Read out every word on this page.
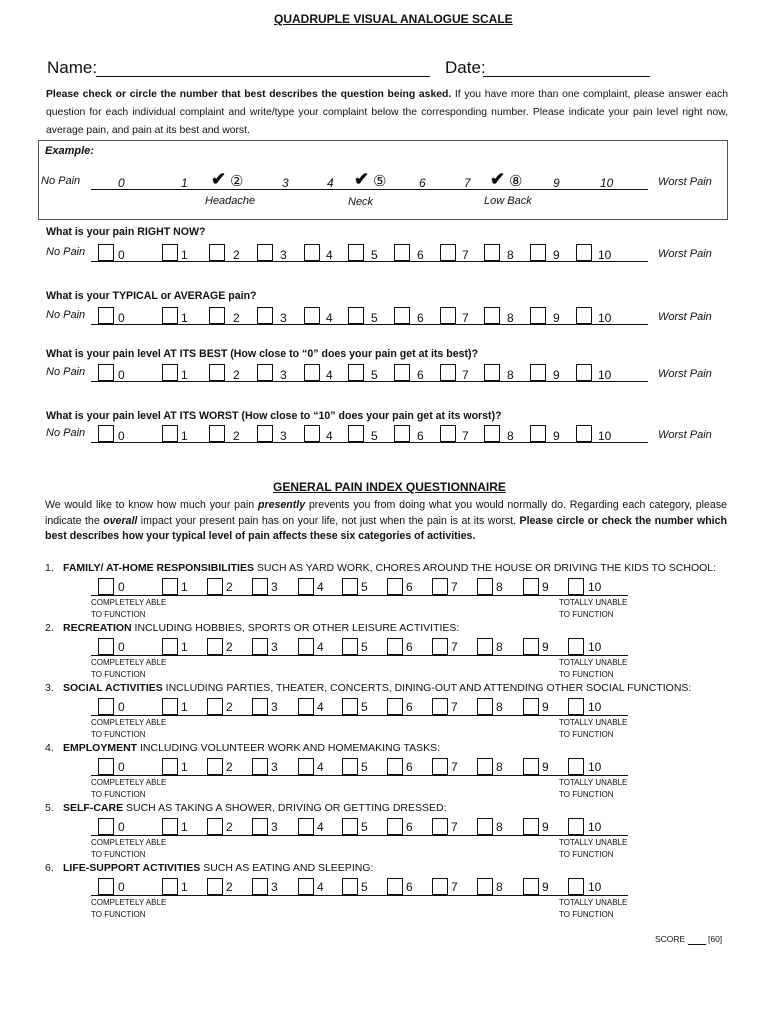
QUADRUPLE VISUAL ANALOGUE SCALE
Name:	Date:
Please check or circle the number that best describes the question being asked. If you have more than one complaint, please answer each question for each individual complaint and write/type your complaint below the corresponding number. Please indicate your pain level right now, average pain, and pain at its best and worst.
Example:
No Pain	Worst Pain
0	1 ✔ ②
Headache
3	4 ✔ ⑤
Neck
6	7 ✔ ⑧
Low Back
9	10
What is your pain RIGHT NOW?
No Pain	Worst Pain
0	1	2	3	4	5	6	7	8	9	10
What is your TYPICAL or AVERAGE pain?
No Pain	Worst Pain
0	1	2	3	4	5	6	7	8	9	10
What is your pain level AT ITS BEST (How close to “0” does your pain get at its best)?
No Pain	Worst Pain
0	1	2	3	4	5	6	7	8	9	10
What is your pain level AT ITS WORST (How close to “10” does your pain get at its worst)?
No Pain	Worst Pain
0	1	2	3	4	5	6	7	8	9	10
GENERAL PAIN INDEX QUESTIONNAIRE
We would like to know how much your pain presently prevents you from doing what you would normally do. Regarding each category, please indicate the overall impact your present pain has on your life, not just when the pain is at its worst. Please circle or check the number which best describes how your typical level of pain affects these six categories of activities.
1. FAMILY/ AT-HOME RESPONSIBILITIES SUCH AS YARD WORK, CHORES AROUND THE HOUSE OR DRIVING THE KIDS TO SCHOOL:
0	1	2	3	4	5	6	7	8	9	10
COMPLETELY ABLE
TO FUNCTION
TOTALLY UNABLE
TO FUNCTION
2. RECREATION INCLUDING HOBBIES, SPORTS OR OTHER LEISURE ACTIVITIES:
0	1	2	3	4	5	6	7	8	9	10
COMPLETELY ABLE
TO FUNCTION
TOTALLY UNABLE
TO FUNCTION
3. SOCIAL ACTIVITIES INCLUDING PARTIES, THEATER, CONCERTS, DINING-OUT AND ATTENDING OTHER SOCIAL FUNCTIONS:
0	1	2	3	4	5	6	7	8	9	10
COMPLETELY ABLE
TO FUNCTION
TOTALLY UNABLE
TO FUNCTION
4. EMPLOYMENT INCLUDING VOLUNTEER WORK AND HOMEMAKING TASKS:
0	1	2	3	4	5	6	7	8	9	10
COMPLETELY ABLE
TO FUNCTION
TOTALLY UNABLE
TO FUNCTION
5. SELF-CARE SUCH AS TAKING A SHOWER, DRIVING OR GETTING DRESSED:
0	1	2	3	4	5	6	7	8	9	10
COMPLETELY ABLE
TO FUNCTION
TOTALLY UNABLE
TO FUNCTION
6. LIFE-SUPPORT ACTIVITIES SUCH AS EATING AND SLEEPING:
0	1	2	3	4	5	6	7	8	9	10
COMPLETELY ABLE
TO FUNCTION
TOTALLY UNABLE
TO FUNCTION
SCORE	[60]
